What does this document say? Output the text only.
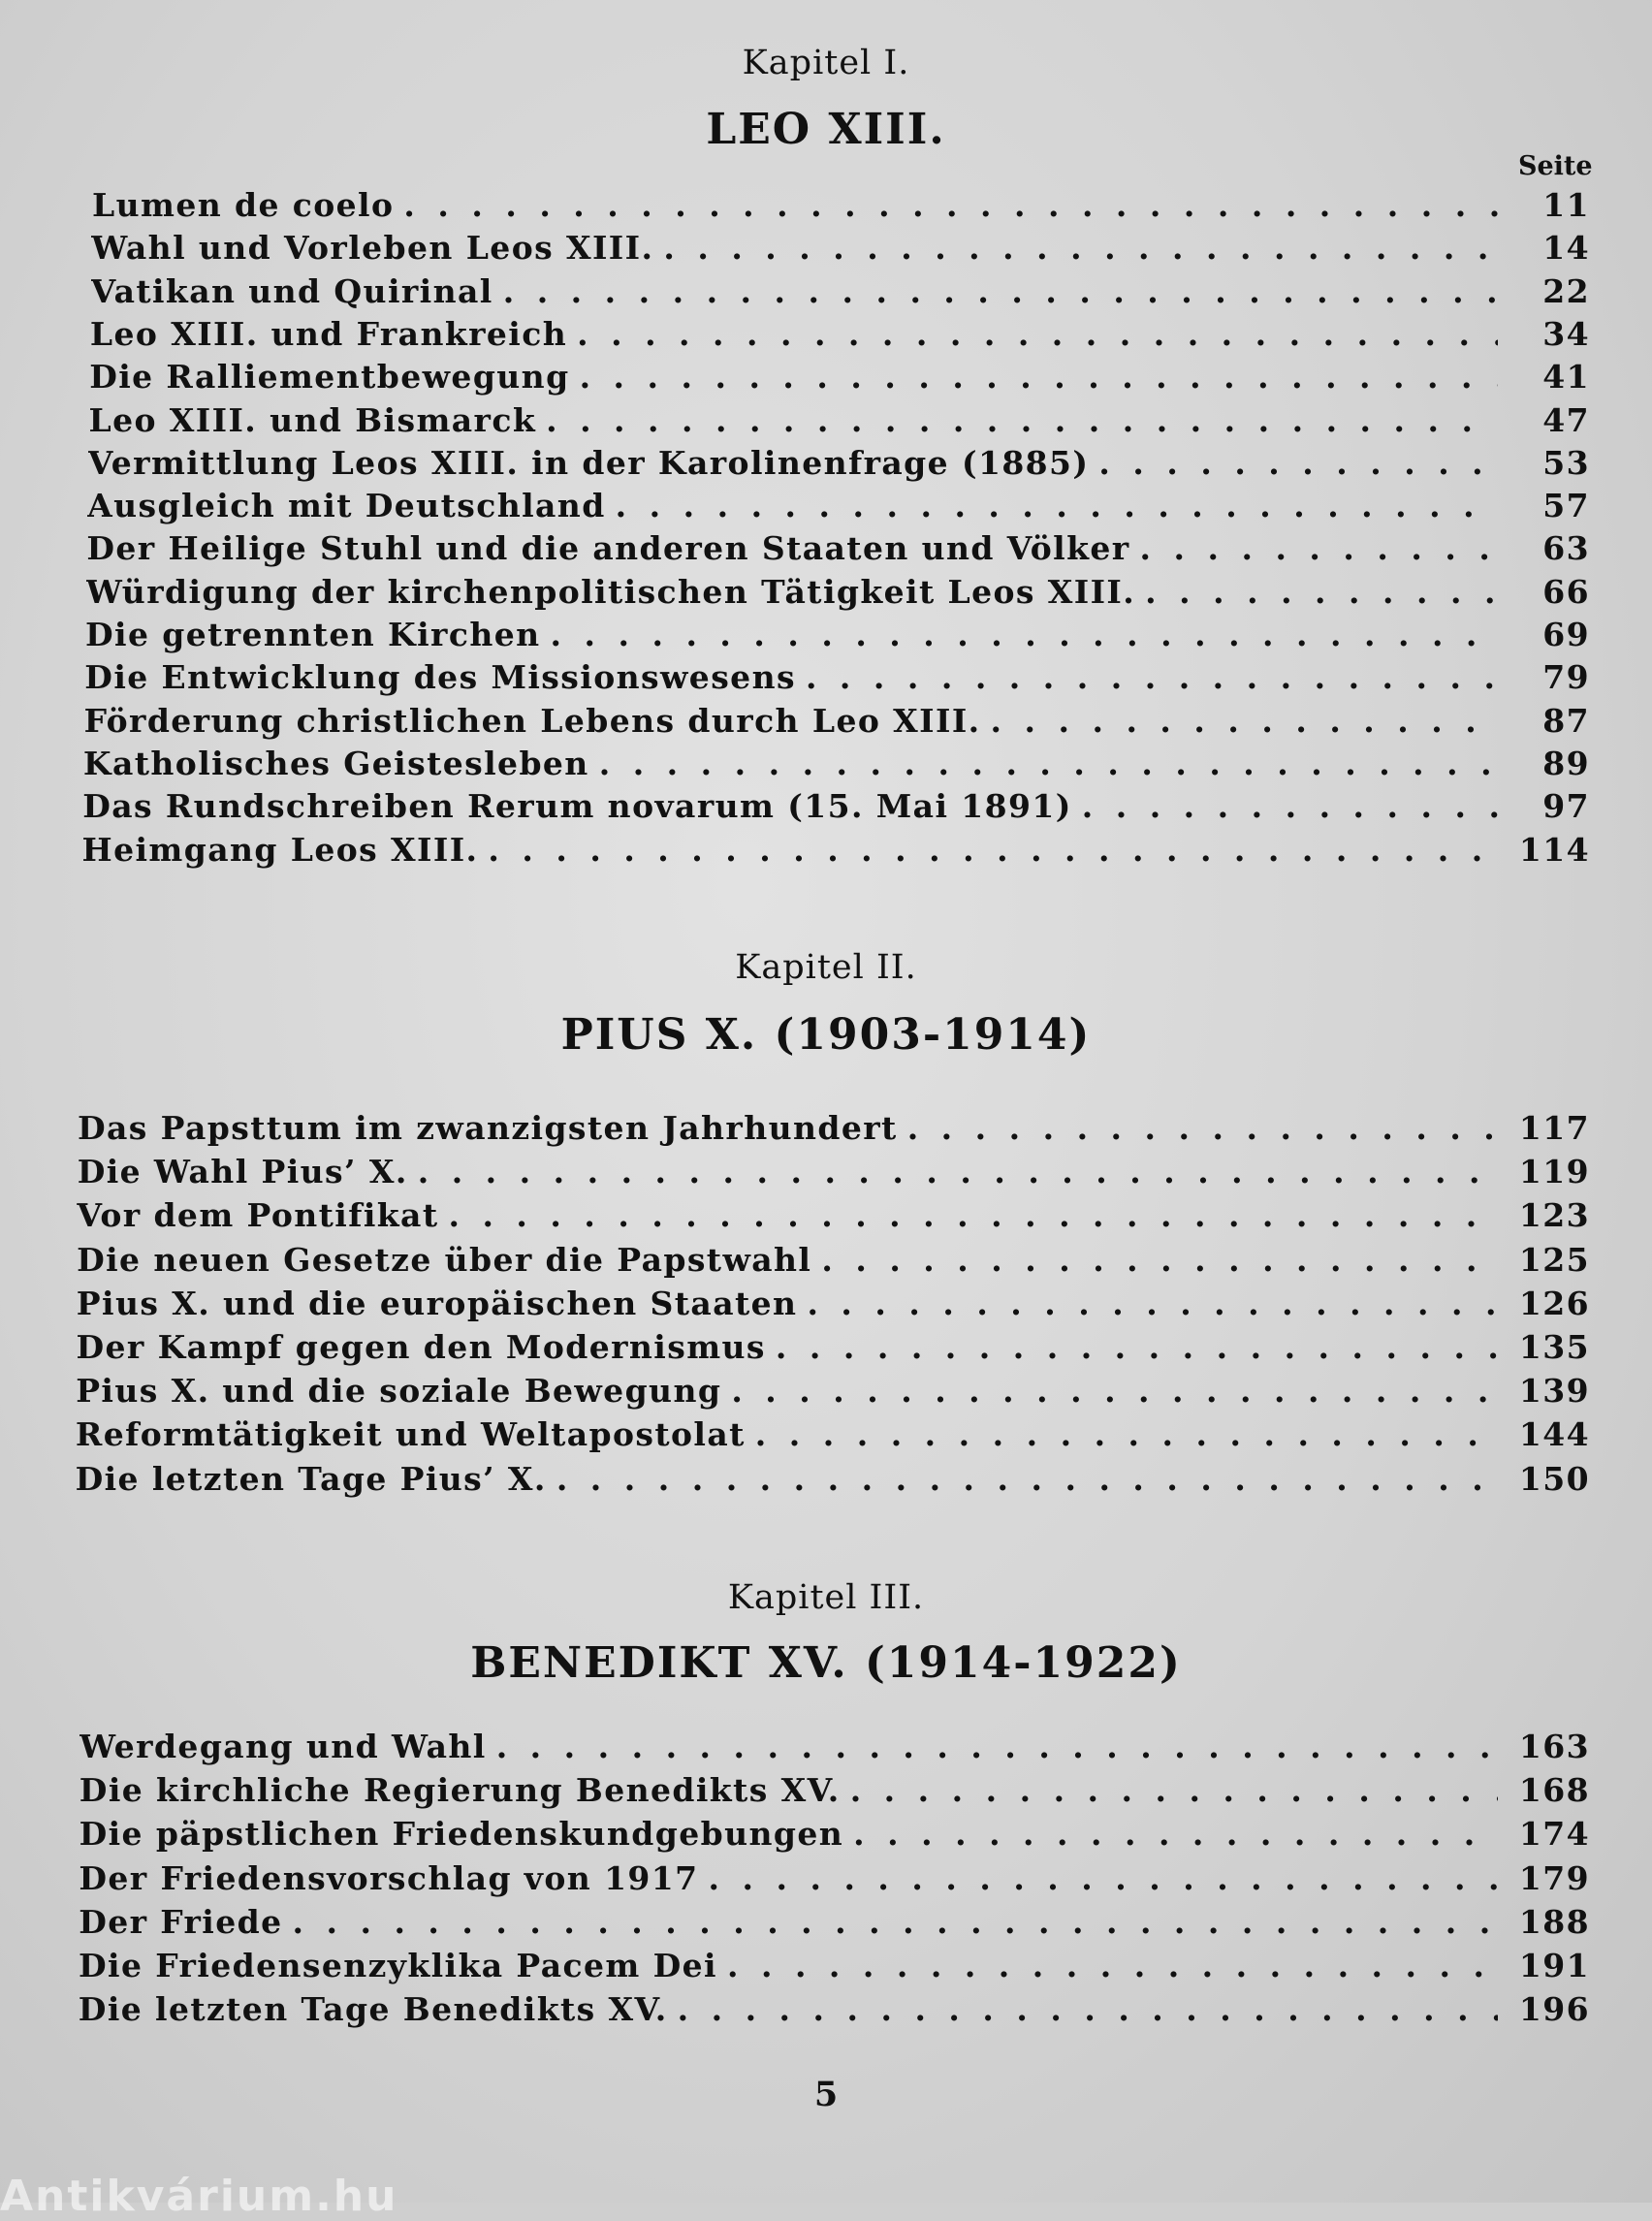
Kapitel I.
LEO XIII.
Seite
Lumen de coelo . . .	11
Wahl und Vorleben Leos XIII. . . .	14
Vatikan und Quirinal . . .	22
Leo XIII. und Frankreich . . .	34
Die Ralliementbewegung . . .	41
Leo XIII. und Bismarck . . .	47
Vermittlung Leos XIII. in der Karolinenfrage (1885) . . .	53
Ausgleich mit Deutschland . . .	57
Der Heilige Stuhl und die anderen Staaten und Völker . . .	63
Würdigung der kirchenpolitischen Tätigkeit Leos XIII. . . .	66
Die getrennten Kirchen . . .	69
Die Entwicklung des Missionswesens . . .	79
Förderung christlichen Lebens durch Leo XIII. . . .	87
Katholisches Geistesleben . . .	89
Das Rundschreiben Rerum novarum (15. Mai 1891) . . .	97
Heimgang Leos XIII. . . .	114
Kapitel II.
PIUS X. (1903-1914)
Das Papsttum im zwanzigsten Jahrhundert . . .	117
Die Wahl Pius’ X. . . .	119
Vor dem Pontifikat . . .	123
Die neuen Gesetze über die Papstwahl . . .	125
Pius X. und die europäischen Staaten . . .	126
Der Kampf gegen den Modernismus . . .	135
Pius X. und die soziale Bewegung . . .	139
Reformtätigkeit und Weltapostolat . . .	144
Die letzten Tage Pius’ X. . . .	150
Kapitel III.
BENEDIKT XV. (1914-1922)
Werdegang und Wahl . . .	163
Die kirchliche Regierung Benedikts XV. . . .	168
Die päpstlichen Friedenskundgebungen . . .	174
Der Friedensvorschlag von 1917 . . .	179
Der Friede . . .	188
Die Friedensenzyklika Pacem Dei . . .	191
Die letzten Tage Benedikts XV. . . .	196
5
Antikvárium.hu
